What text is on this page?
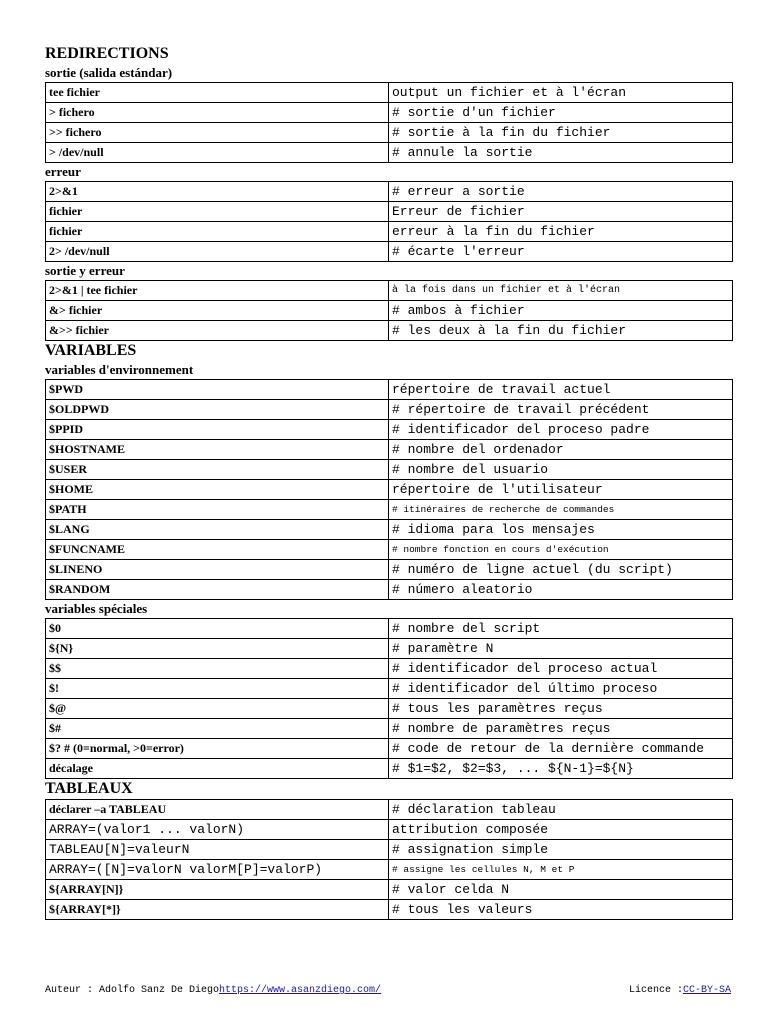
REDIRECTIONS
sortie (salida estándar)
tee fichier	output un fichier et à l'écran
> fichero	# sortie d'un fichier
>> fichero	# sortie à la fin du fichier
> /dev/null	# annule la sortie
erreur
2>&1	# erreur a sortie
fichier	Erreur de fichier
fichier	erreur à la fin du fichier
2> /dev/null	# écarte l'erreur
sortie y erreur
2>&1 | tee fichier	à la fois dans un fichier et à l'écran
&> fichier	# ambos à fichier
&>> fichier	# les deux à la fin du fichier
VARIABLES
variables d'environnement
$PWD	répertoire de travail actuel
$OLDPWD	# répertoire de travail précédent
$PPID	# identificador del proceso padre
$HOSTNAME	# nombre del ordenador
$USER	# nombre del usuario
$HOME	répertoire de l'utilisateur
$PATH	# itinéraires de recherche de commandes
$LANG	# idioma para los mensajes
$FUNCNAME	# nombre fonction en cours d'exécution
$LINENO	# numéro de ligne actuel (du script)
$RANDOM	# número aleatorio
variables spéciales
$0	# nombre del script
${N}	# paramètre N
$$	# identificador del proceso actual
$!	# identificador del último proceso
$@	# tous les paramètres reçus
$#	# nombre de paramètres reçus
$? # (0=normal, >0=error)	# code de retour de la dernière commande
décalage	# $1=$2, $2=$3, ... ${N-1}=${N}
TABLEAUX
déclarer –a TABLEAU	# déclaration tableau
ARRAY=(valor1 ... valorN)	attribution composée
TABLEAU[N]=valeurN	# assignation simple
ARRAY=([N]=valorN valorM[P]=valorP)	# assigne les cellules N, M et P
${ARRAY[N]}	# valor celda N
${ARRAY[*]}	# tous les valeurs
Auteur : Adolfo Sanz De Diegohttps://www.asanzdiego.com/	Licence :CC-BY-SA
